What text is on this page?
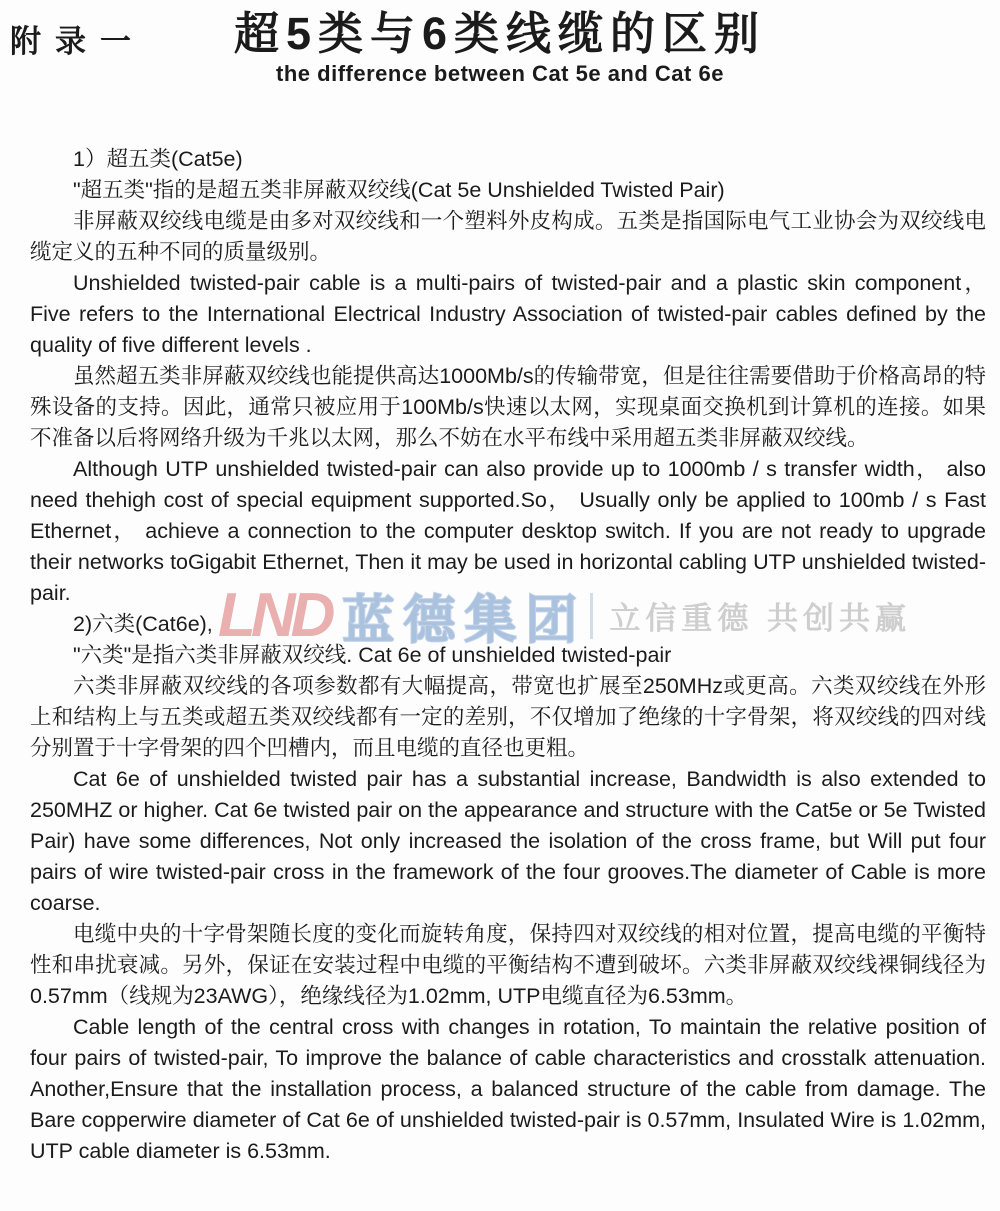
附录一	超5类与6类线缆的区别
the difference between Cat 5e and Cat 6e
LND 蓝德集团 立信重德 共创共赢

1）超五类(Cat5e)

"超五类"指的是超五类非屏蔽双绞线(Cat 5e Unshielded Twisted Pair)

非屏蔽双绞线电缆是由多对双绞线和一个塑料外皮构成。五类是指国际电气工业协会为双绞线电缆定义的五种不同的质量级别。

Unshielded twisted-pair cable is a multi-pairs of twisted-pair and a plastic skin component， Five refers to the International Electrical Industry Association of twisted-pair cables defined by the quality of five different levels .

虽然超五类非屏蔽双绞线也能提供高达1000Mb/s的传输带宽，但是往往需要借助于价格高昂的特殊设备的支持。因此，通常只被应用于100Mb/s快速以太网，实现桌面交换机到计算机的连接。如果不准备以后将网络升级为千兆以太网，那么不妨在水平布线中采用超五类非屏蔽双绞线。

Although UTP unshielded twisted-pair can also provide up to 1000mb / s transfer width， also need thehigh cost of special equipment supported.So， Usually only be applied to 100mb / s Fast Ethernet， achieve a connection to the computer desktop switch. If you are not ready to upgrade their networks toGigabit Ethernet, Then it may be used in horizontal cabling UTP unshielded twisted-pair.

2)六类(Cat6e),

"六类"是指六类非屏蔽双绞线. Cat 6e of unshielded twisted-pair

六类非屏蔽双绞线的各项参数都有大幅提高，带宽也扩展至250MHz或更高。六类双绞线在外形上和结构上与五类或超五类双绞线都有一定的差别，不仅增加了绝缘的十字骨架，将双绞线的四对线分别置于十字骨架的四个凹槽内，而且电缆的直径也更粗。

Cat 6e of unshielded twisted pair has a substantial increase, Bandwidth is also extended to 250MHZ or higher. Cat 6e twisted pair on the appearance and structure with the Cat5e or 5e Twisted Pair) have some differences, Not only increased the isolation of the cross frame, but Will put four pairs of wire twisted-pair cross in the framework of the four grooves.The diameter of Cable is more coarse.

电缆中央的十字骨架随长度的变化而旋转角度，保持四对双绞线的相对位置，提高电缆的平衡特性和串扰衰减。另外，保证在安装过程中电缆的平衡结构不遭到破坏。六类非屏蔽双绞线裸铜线径为0.57mm（线规为23AWG），绝缘线径为1.02mm, UTP电缆直径为6.53mm。

Cable length of the central cross with changes in rotation, To maintain the relative position of four pairs of twisted-pair, To improve the balance of cable characteristics and crosstalk attenuation. Another,Ensure that the installation process, a balanced structure of the cable from damage. The Bare copperwire diameter of Cat 6e of unshielded twisted-pair is 0.57mm, Insulated Wire is 1.02mm, UTP cable diameter is 6.53mm.
